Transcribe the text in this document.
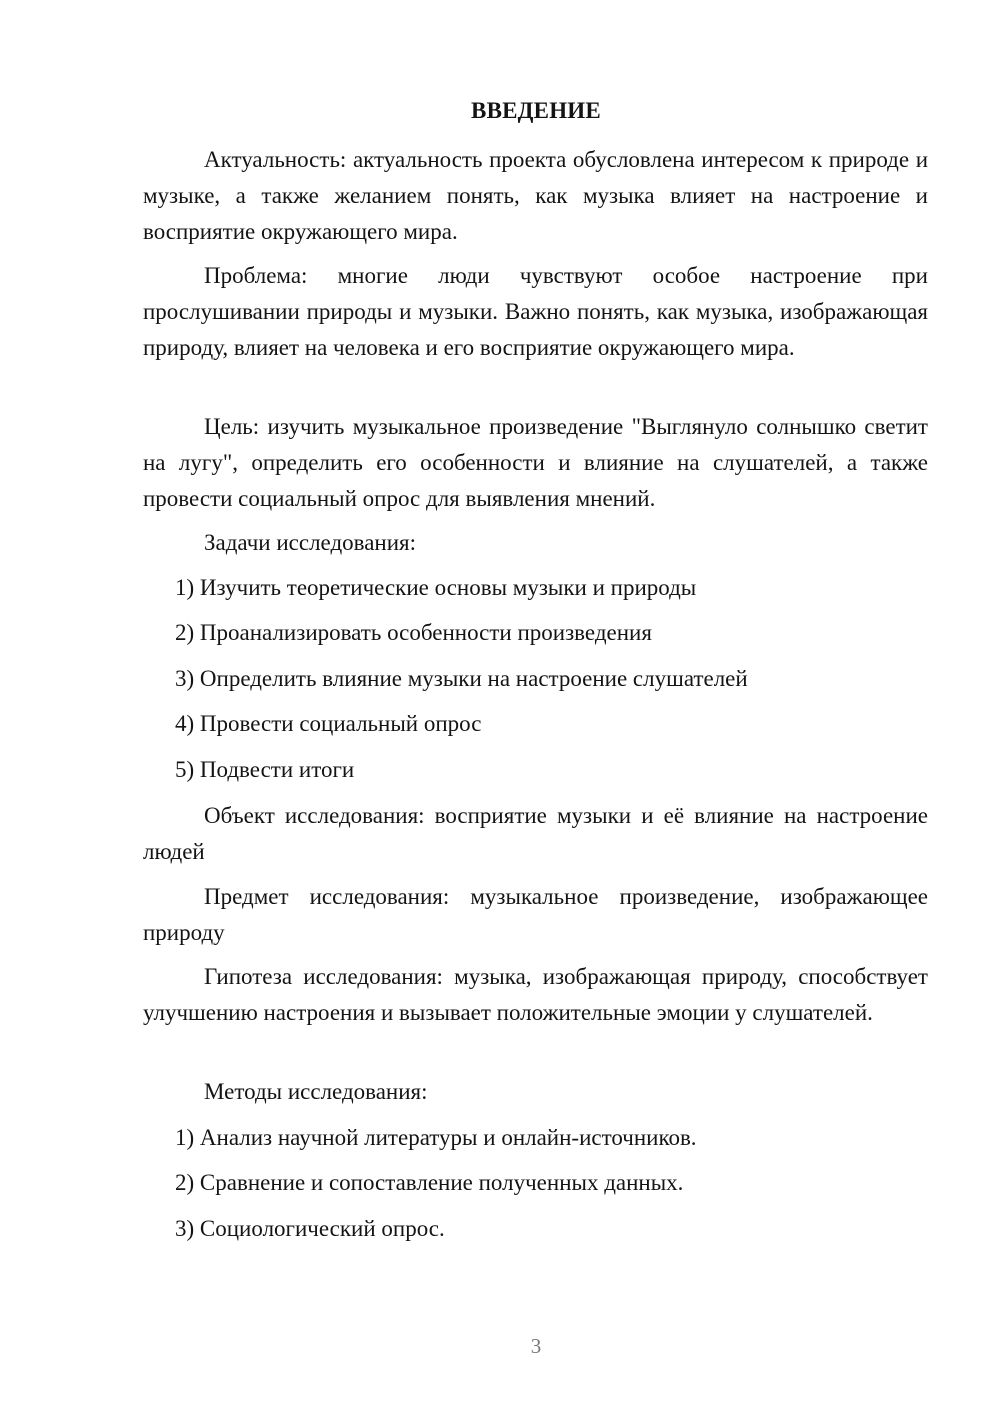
ВВЕДЕНИЕ
Актуальность: актуальность проекта обусловлена интересом к природе и музыке, а также желанием понять, как музыка влияет на настроение и восприятие окружающего мира.
Проблема: многие люди чувствуют особое настроение при прослушивании природы и музыки. Важно понять, как музыка, изображающая природу, влияет на человека и его восприятие окружающего мира.
Цель: изучить музыкальное произведение "Выглянуло солнышко светит на лугу", определить его особенности и влияние на слушателей, а также провести социальный опрос для выявления мнений.
Задачи исследования:
1) Изучить теоретические основы музыки и природы
2) Проанализировать особенности произведения
3) Определить влияние музыки на настроение слушателей
4) Провести социальный опрос
5) Подвести итоги
Объект исследования: восприятие музыки и её влияние на настроение людей
Предмет исследования: музыкальное произведение, изображающее природу
Гипотеза исследования: музыка, изображающая природу, способствует улучшению настроения и вызывает положительные эмоции у слушателей.
Методы исследования:
1) Анализ научной литературы и онлайн-источников.
2) Сравнение и сопоставление полученных данных.
3) Социологический опрос.
3
